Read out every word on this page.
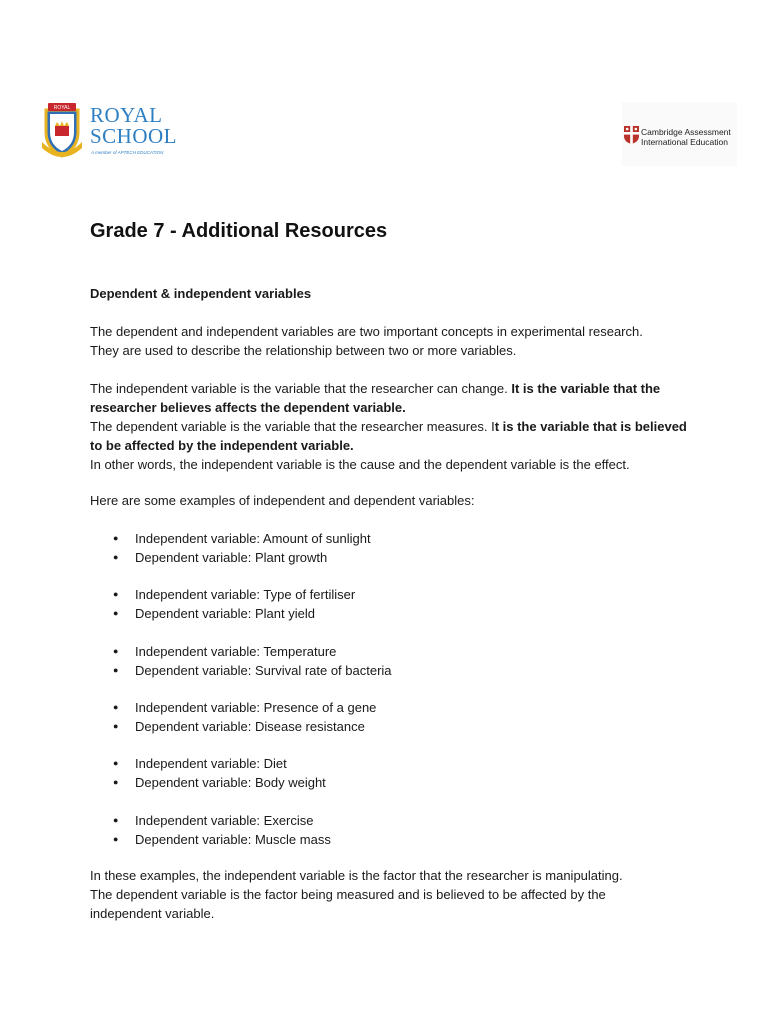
ROYAL ROYAL
SCHOOL
A member of APTECH EDUCATION
Cambridge Assessment
International Education
Grade 7 - Additional Resources
Dependent & independent variables

The dependent and independent variables are two important concepts in experimental research.
They are used to describe the relationship between two or more variables.

The independent variable is the variable that the researcher can change. It is the variable that the researcher believes affects the dependent variable.
The dependent variable is the variable that the researcher measures. It is the variable that is believed to be affected by the independent variable.
In other words, the independent variable is the cause and the dependent variable is the effect.

Here are some examples of independent and dependent variables:

● Independent variable: Amount of sunlight
● Dependent variable: Plant growth
● Independent variable: Type of fertiliser
● Dependent variable: Plant yield
● Independent variable: Temperature
● Dependent variable: Survival rate of bacteria
● Independent variable: Presence of a gene
● Dependent variable: Disease resistance
● Independent variable: Diet
● Dependent variable: Body weight
● Independent variable: Exercise
● Dependent variable: Muscle mass

In these examples, the independent variable is the factor that the researcher is manipulating.
The dependent variable is the factor being measured and is believed to be affected by the
independent variable.
